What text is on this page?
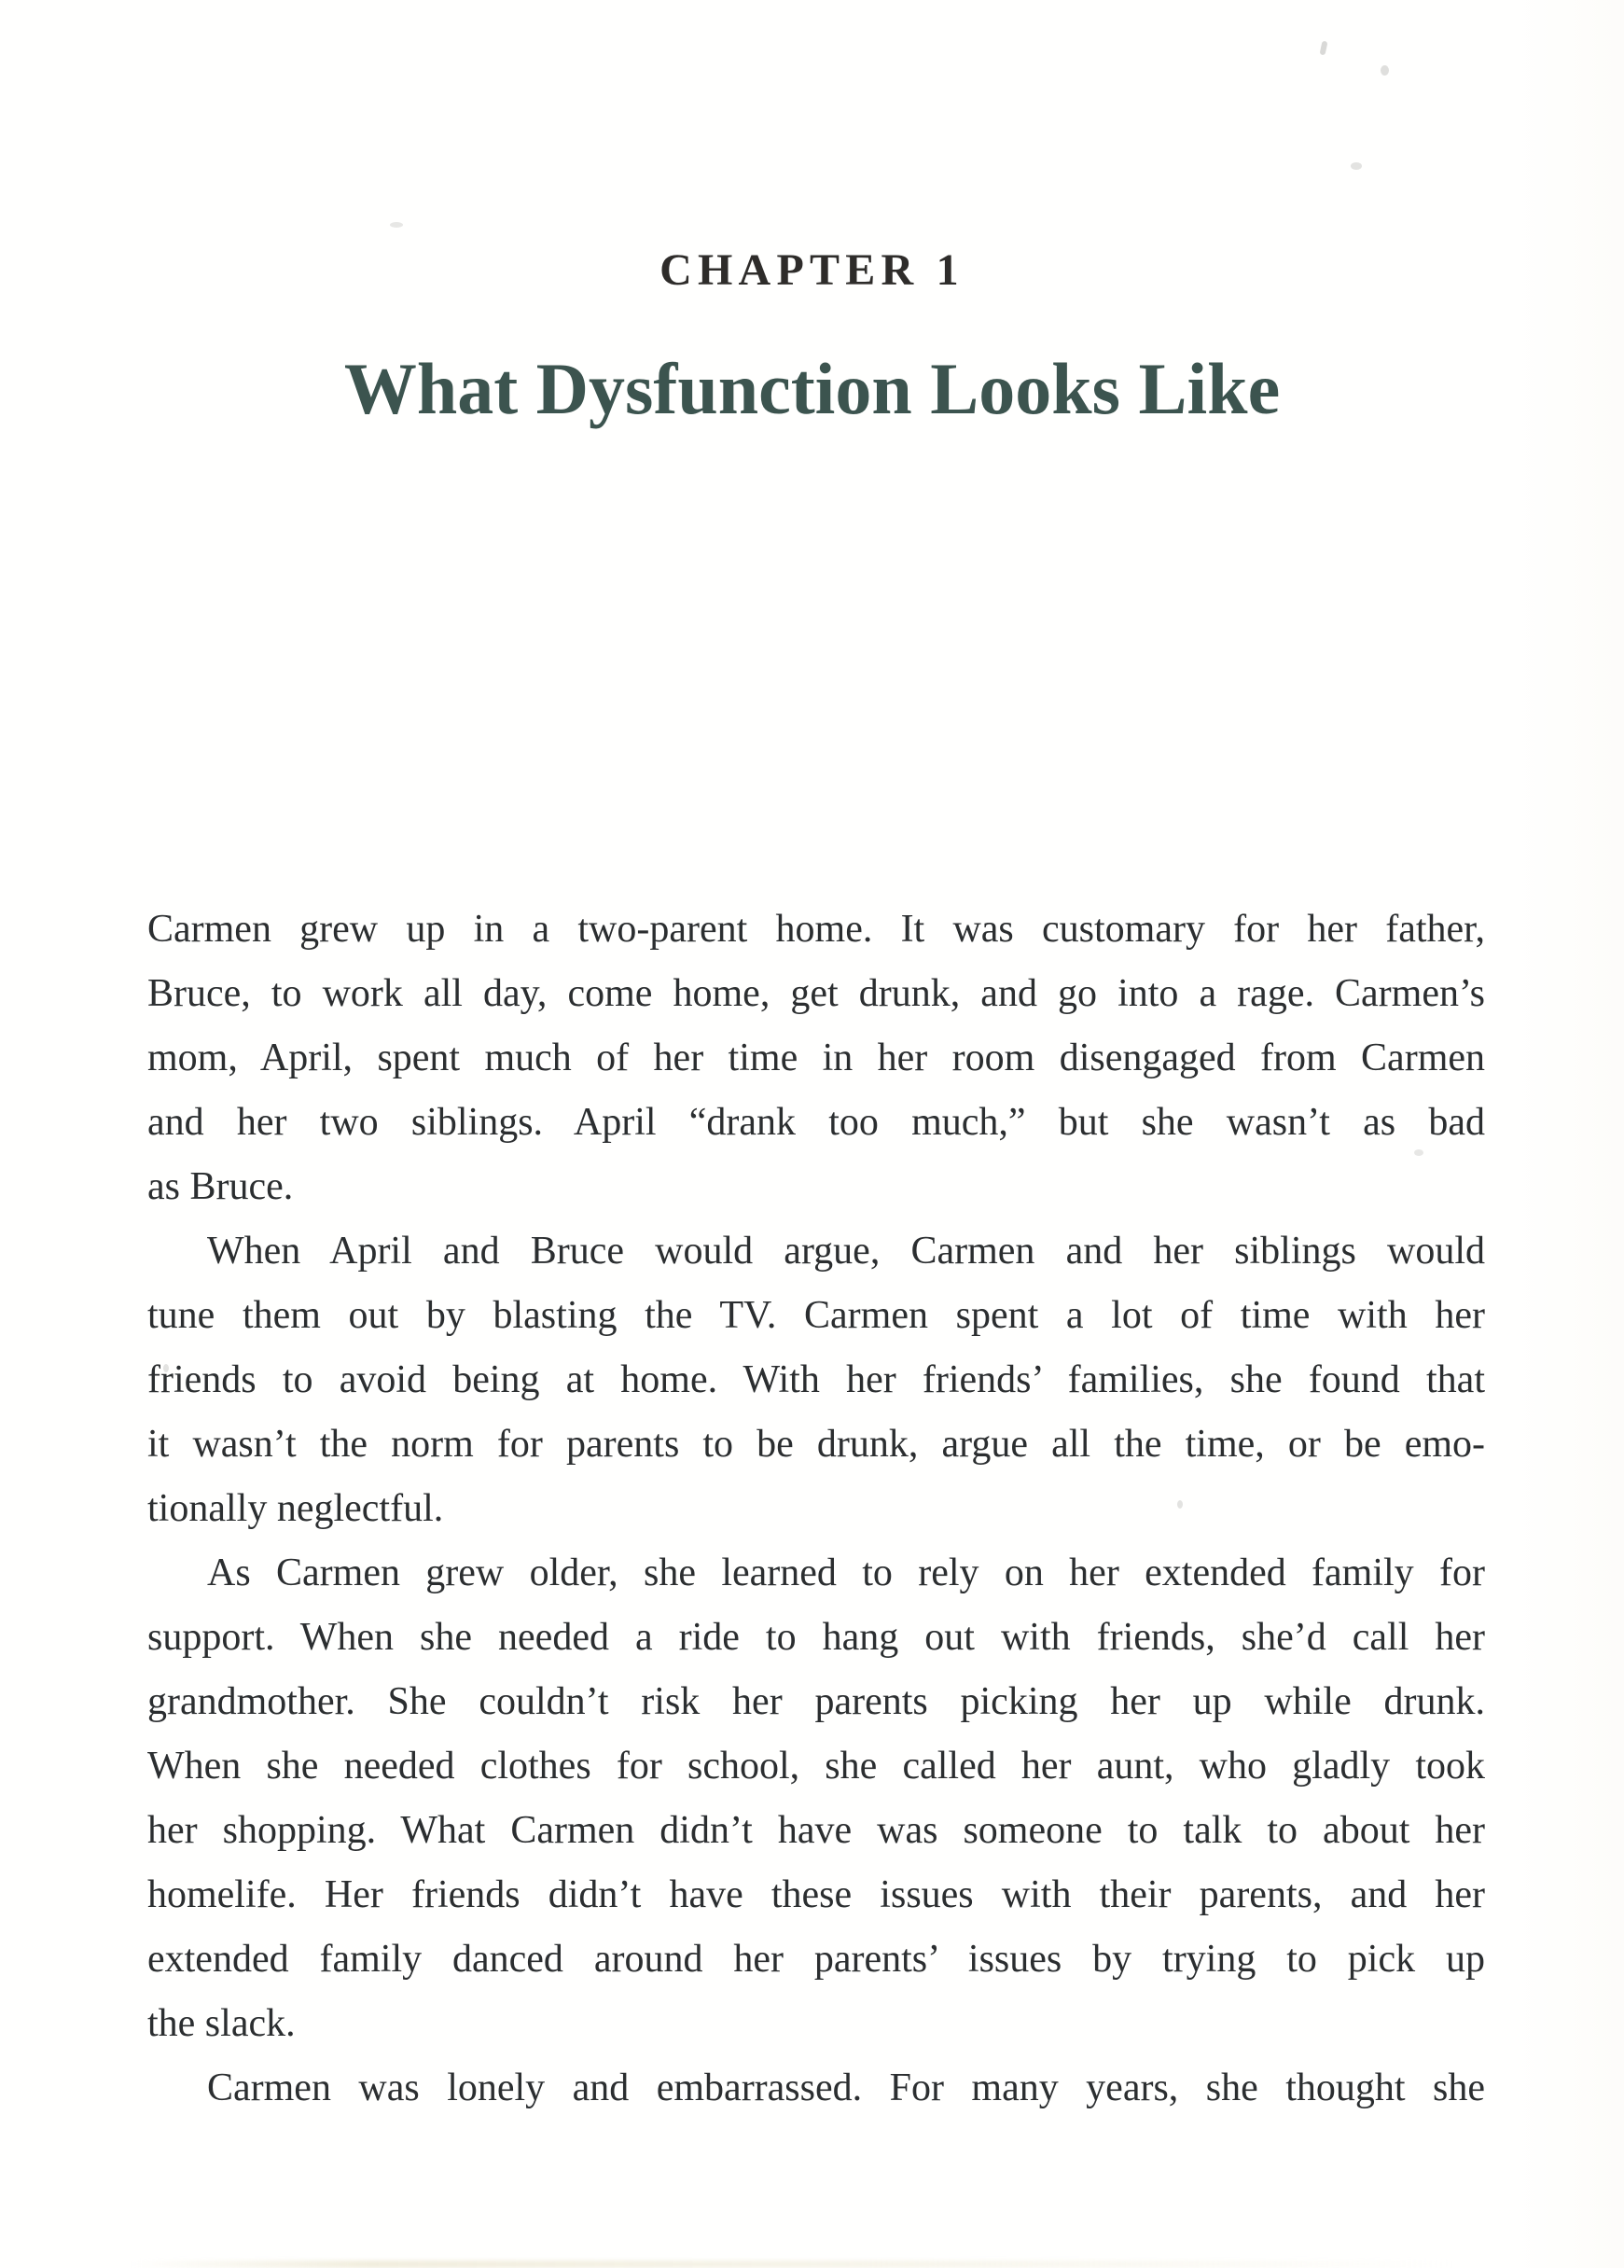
CHAPTER 1
What Dysfunction Looks Like
Carmen grew up in a two-parent home. It was customary for her father,
Bruce, to work all day, come home, get drunk, and go into a rage. Carmen’s
mom, April, spent much of her time in her room disengaged from Carmen
and her two siblings. April “drank too much,” but she wasn’t as bad
as Bruce.
When April and Bruce would argue, Carmen and her siblings would
tune them out by blasting the TV. Carmen spent a lot of time with her
friends to avoid being at home. With her friends’ families, she found that
it wasn’t the norm for parents to be drunk, argue all the time, or be emo-
tionally neglectful.
As Carmen grew older, she learned to rely on her extended family for
support. When she needed a ride to hang out with friends, she’d call her
grandmother. She couldn’t risk her parents picking her up while drunk.
When she needed clothes for school, she called her aunt, who gladly took
her shopping. What Carmen didn’t have was someone to talk to about her
homelife. Her friends didn’t have these issues with their parents, and her
extended family danced around her parents’ issues by trying to pick up
the slack.
Carmen was lonely and embarrassed. For many years, she thought she
